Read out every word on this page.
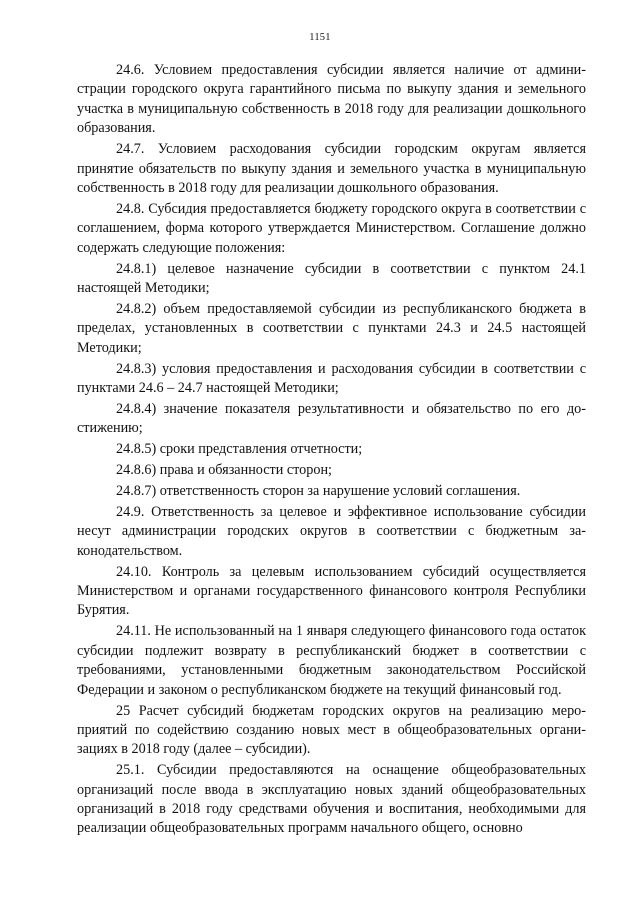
1151

24.6. Условием предоставления субсидии является наличие от администрации городского округа гарантийного письма по выкупу здания и земельного участка в муниципальную собственность в 2018 году для реализации дошкольного образования.

24.7. Условием расходования субсидии городским округам является принятие обязательств по выкупу здания и земельного участка в муниципальную собственность в 2018 году для реализации дошкольного образования.

24.8. Субсидия предоставляется бюджету городского округа в соответствии с соглашением, форма которого утверждается Министерством. Соглашение должно содержать следующие положения:

24.8.1) целевое назначение субсидии в соответствии с пунктом 24.1 настоящей Методики;

24.8.2) объем предоставляемой субсидии из республиканского бюджета в пределах, установленных в соответствии с пунктами 24.3 и 24.5 настоящей Методики;

24.8.3) условия предоставления и расходования субсидии в соответствии с пунктами 24.6 – 24.7 настоящей Методики;

24.8.4) значение показателя результативности и обязательство по его достижению;

24.8.5) сроки представления отчетности;

24.8.6) права и обязанности сторон;

24.8.7) ответственность сторон за нарушение условий соглашения.

24.9. Ответственность за целевое и эффективное использование субсидии несут администрации городских округов в соответствии с бюджетным законодательством.

24.10. Контроль за целевым использованием субсидий осуществляется Министерством и органами государственного финансового контроля Республики Бурятия.

24.11. Не использованный на 1 января следующего финансового года остаток субсидии подлежит возврату в республиканский бюджет в соответствии с требованиями, установленными бюджетным законодательством Российской Федерации и законом о республиканском бюджете на текущий финансовый год.

25 Расчет субсидий бюджетам городских округов на реализацию мероприятий по содействию созданию новых мест в общеобразовательных организациях в 2018 году (далее – субсидии).

25.1. Субсидии предоставляются на оснащение общеобразовательных организаций после ввода в эксплуатацию новых зданий общеобразовательных организаций в 2018 году средствами обучения и воспитания, необходимыми для реализации общеобразовательных программ начального общего, основно
